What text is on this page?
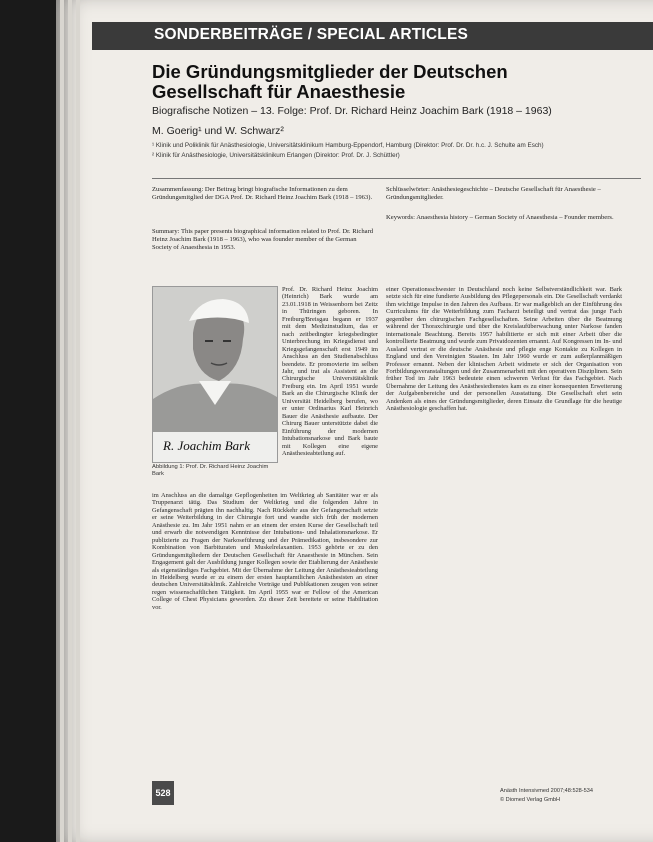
SONDERBEITRÄGE / SPECIAL ARTICLES
Die Gründungsmitglieder der Deutschen Gesellschaft für Anaesthesie
Biografische Notizen – 13. Folge: Prof. Dr. Richard Heinz Joachim Bark (1918 – 1963)
M. Goerig¹ und W. Schwarz²
¹ Klinik und Poliklinik für Anästhesiologie, Universitätsklinikum Hamburg-Eppendorf, Hamburg (Direktor: Prof. Dr. Dr. h.c. J. Schulte am Esch)
² Klinik für Anästhesiologie, Universitätsklinikum Erlangen (Direktor: Prof. Dr. J. Schüttler)
Zusammenfassung: Der Beitrag bringt biografische Informationen zu dem Gründungsmitglied der DGA Prof. Dr. Richard Heinz Joachim Bark (1918 – 1963).
Summary: This paper presents biographical information related to Prof. Dr. Richard Heinz Joachim Bark (1918 – 1963), who was founder member of the German Society of Anaesthesia in 1953.
Schlüsselwörter: Anästhesiegeschichte – Deutsche Gesellschaft für Anaesthesie – Gründungsmitglieder.
Keywords: Anaesthesia history – German Society of Anaesthesia – Founder members.
R. Joachim Bark
Abbildung 1: Prof. Dr. Richard Heinz Joachim Bark
Prof. Dr. Richard Heinz Joachim (Heinrich) Bark wurde am 23.01.1918 in Weissenborn bei Zeitz in Thüringen geboren. In Freiburg/Breisgau begann er 1937 mit dem Medizinstudium, das er nach zeitbedingter kriegsbedingter Unterbrechung im Kriegsdienst und Kriegsgefangenschaft erst 1949 im Anschluss an den Studienabschluss beendete. Er promovierte im selben Jahr, und trat als Assistent an die Chirurgische Universitätsklinik Freiburg ein. Im April 1951 wurde Bark an die Chirurgische Klinik der Universität Heidelberg berufen, wo er unter Ordinarius Karl Heinrich Bauer die Anästhesie aufbaute. Der Chirurg Bauer unterstützte dabei die Einführung der modernen Intubationsnarkose und Bark baute mit Kollegen eine eigene Anästhesieabteilung auf.
im Anschluss an die damalige Gepflogenheiten im Weltkrieg ab Sanitäter war er als Truppenarzt tätig. Das Studium der Weltkrieg und die folgenden Jahre in Gefangenschaft prägten ihn nachhaltig. Nach Rückkehr aus der Gefangenschaft setzte er seine Weiterbildung in der Chirurgie fort und wandte sich früh der modernen Anästhesie zu. Im Jahr 1951 nahm er an einem der ersten Kurse der Gesellschaft teil und erwarb die notwendigen Kenntnisse der Intubations- und Inhalationsnarkose. Er publizierte zu Fragen der Narkoseführung und der Prämedikation, insbesondere zur Kombination von Barbituraten und Muskelrelaxantien. 1953 gehörte er zu den Gründungsmitgliedern der Deutschen Gesellschaft für Anaesthesie in München. Sein Engagement galt der Ausbildung junger Kollegen sowie der Etablierung der Anästhesie als eigenständiges Fachgebiet. Mit der Übernahme der Leitung der Anästhesieabteilung in Heidelberg wurde er zu einem der ersten hauptamtlichen Anästhesisten an einer deutschen Universitätsklinik. Zahlreiche Vorträge und Publikationen zeugen von seiner regen wissenschaftlichen Tätigkeit. Im April 1955 war er Fellow of the American College of Chest Physicians geworden. Zu dieser Zeit bereitete er seine Habilitation vor.
einer Operationsschwester in Deutschland noch keine Selbstverständlichkeit war. Bark setzte sich für eine fundierte Ausbildung des Pflegepersonals ein. Die Gesellschaft verdankt ihm wichtige Impulse in den Jahren des Aufbaus. Er war maßgeblich an der Einführung des Curriculums für die Weiterbildung zum Facharzt beteiligt und vertrat das junge Fach gegenüber den chirurgischen Fachgesellschaften. Seine Arbeiten über die Beatmung während der Thoraxchirurgie und über die Kreislaufüberwachung unter Narkose fanden internationale Beachtung. Bereits 1957 habilitierte er sich mit einer Arbeit über die kontrollierte Beatmung und wurde zum Privatdozenten ernannt. Auf Kongressen im In- und Ausland vertrat er die deutsche Anästhesie und pflegte enge Kontakte zu Kollegen in England und den Vereinigten Staaten. Im Jahr 1960 wurde er zum außerplanmäßigen Professor ernannt. Neben der klinischen Arbeit widmete er sich der Organisation von Fortbildungsveranstaltungen und der Zusammenarbeit mit den operativen Disziplinen. Sein früher Tod im Jahr 1963 bedeutete einen schweren Verlust für das Fachgebiet. Nach Übernahme der Leitung des Anästhesiedienstes kam es zu einer konsequenten Erweiterung der Aufgabenbereiche und der personellen Ausstattung. Die Gesellschaft ehrt sein Andenken als eines der Gründungsmitglieder, deren Einsatz die Grundlage für die heutige Anästhesiologie geschaffen hat.
528	Anästh Intensivmed 2007;48:528-534
© Diomed Verlag GmbH
